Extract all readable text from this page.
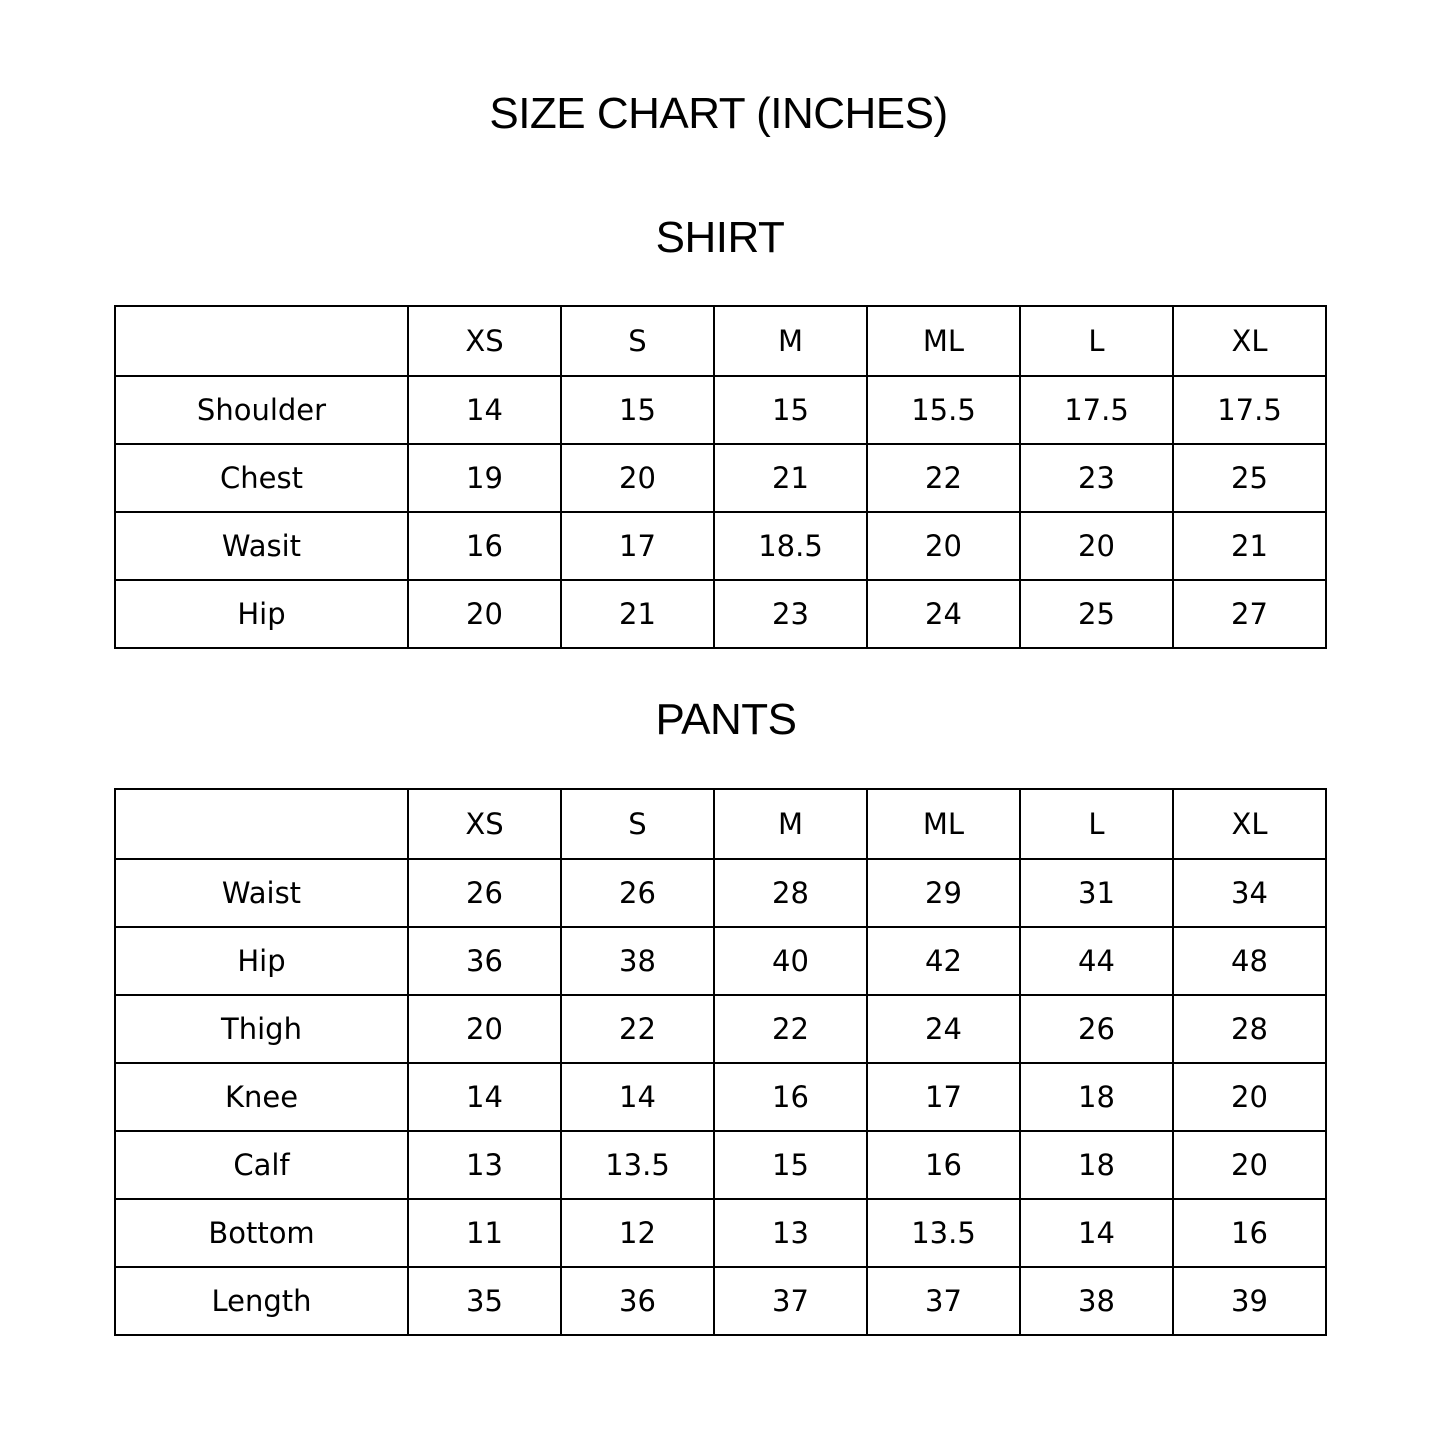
SIZE CHART (INCHES)
SHIRT
	XS	S	M	ML	L	XL
Shoulder	14	15	15	15.5	17.5	17.5
Chest	19	20	21	22	23	25
Wasit	16	17	18.5	20	20	21
Hip	20	21	23	24	25	27
PANTS
	XS	S	M	ML	L	XL
Waist	26	26	28	29	31	34
Hip	36	38	40	42	44	48
Thigh	20	22	22	24	26	28
Knee	14	14	16	17	18	20
Calf	13	13.5	15	16	18	20
Bottom	11	12	13	13.5	14	16
Length	35	36	37	37	38	39
